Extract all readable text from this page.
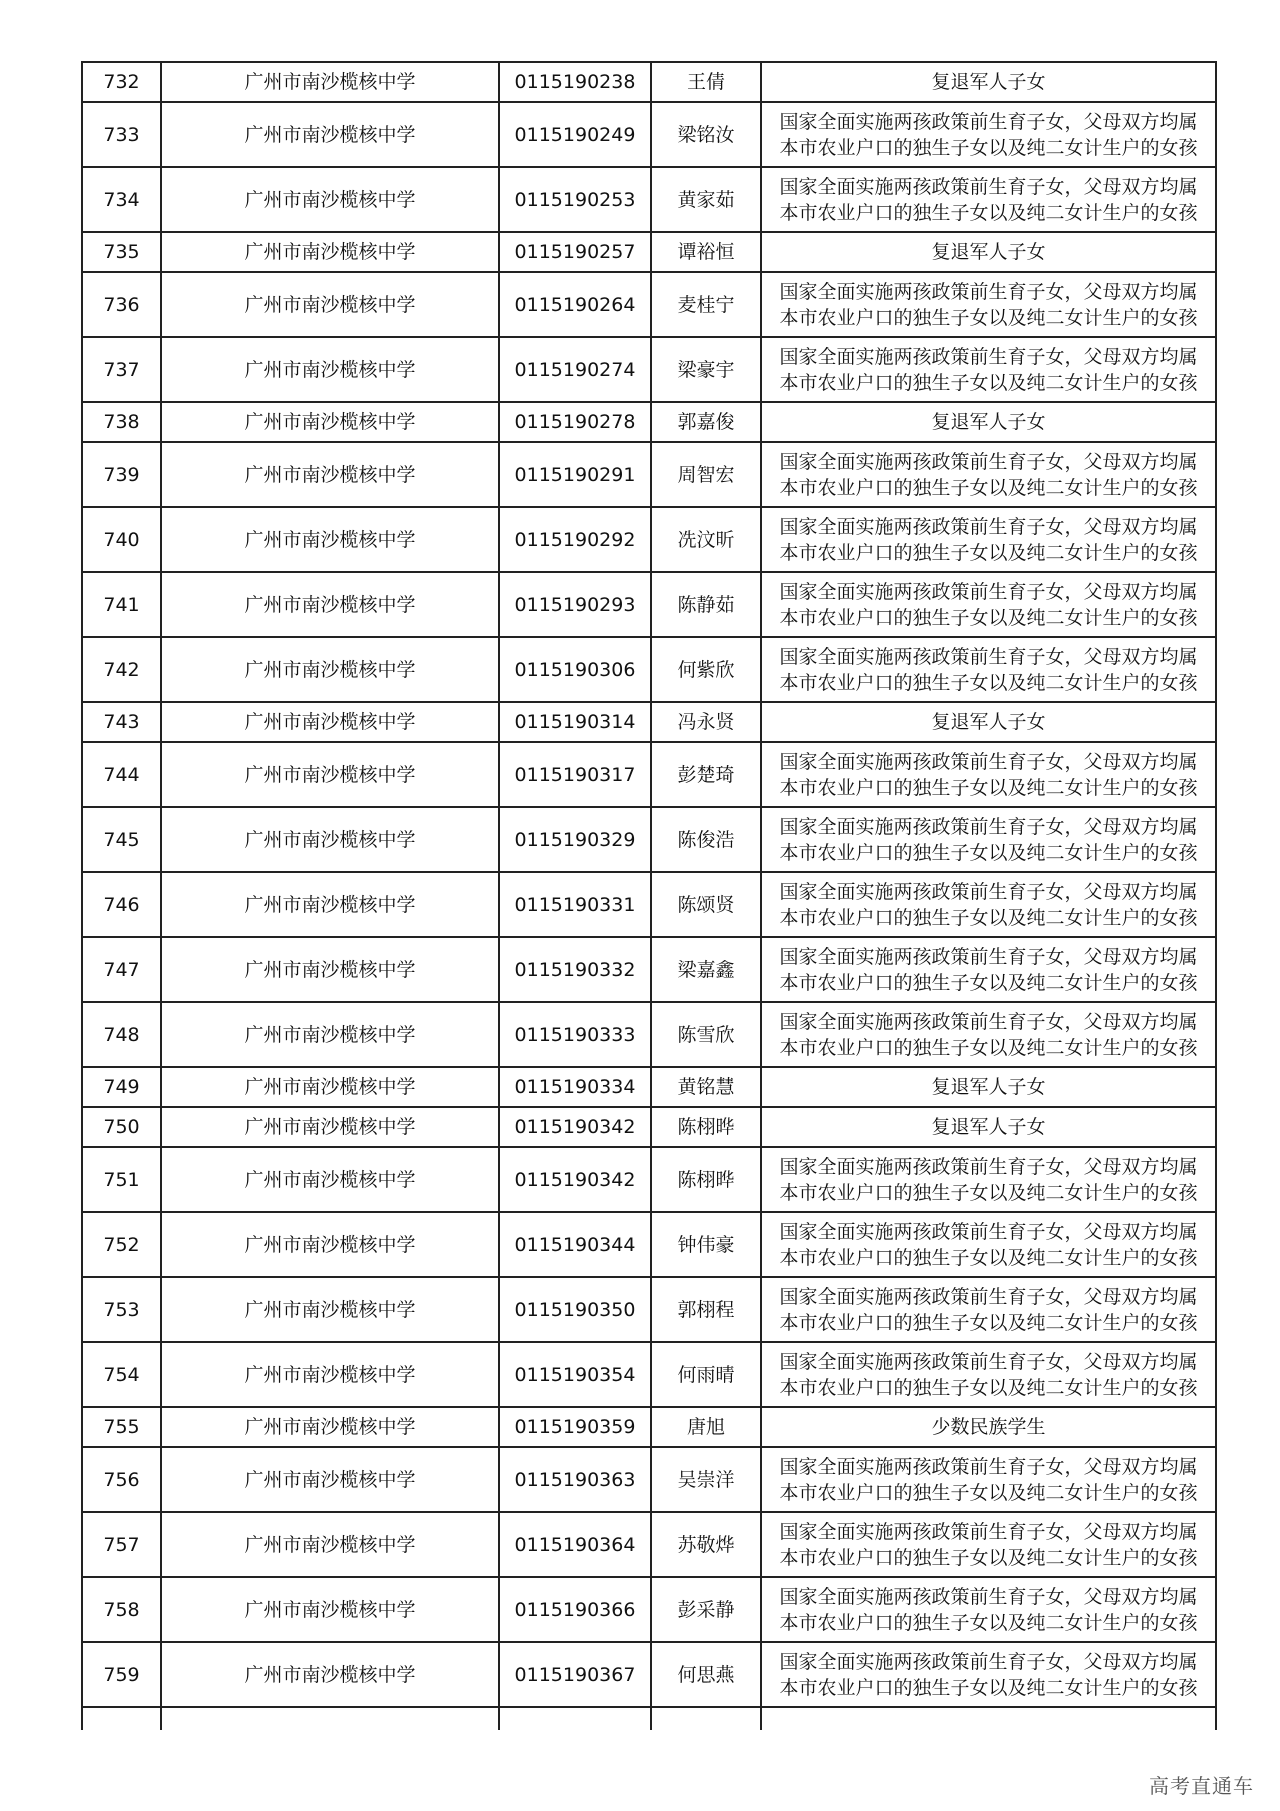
732	广州市南沙榄核中学	0115190238	王倩	复退军人子女

733	广州市南沙榄核中学	0115190249	梁铭汝	国家全面实施两孩政策前生育子女，父母双方均属
本市农业户口的独生子女以及纯二女计生户的女孩

734	广州市南沙榄核中学	0115190253	黄家茹	国家全面实施两孩政策前生育子女，父母双方均属
本市农业户口的独生子女以及纯二女计生户的女孩

735	广州市南沙榄核中学	0115190257	谭裕恒	复退军人子女

736	广州市南沙榄核中学	0115190264	麦桂宁	国家全面实施两孩政策前生育子女，父母双方均属
本市农业户口的独生子女以及纯二女计生户的女孩

737	广州市南沙榄核中学	0115190274	梁豪宇	国家全面实施两孩政策前生育子女，父母双方均属
本市农业户口的独生子女以及纯二女计生户的女孩

738	广州市南沙榄核中学	0115190278	郭嘉俊	复退军人子女

739	广州市南沙榄核中学	0115190291	周智宏	国家全面实施两孩政策前生育子女，父母双方均属
本市农业户口的独生子女以及纯二女计生户的女孩

740	广州市南沙榄核中学	0115190292	冼汶昕	国家全面实施两孩政策前生育子女，父母双方均属
本市农业户口的独生子女以及纯二女计生户的女孩

741	广州市南沙榄核中学	0115190293	陈静茹	国家全面实施两孩政策前生育子女，父母双方均属
本市农业户口的独生子女以及纯二女计生户的女孩

742	广州市南沙榄核中学	0115190306	何紫欣	国家全面实施两孩政策前生育子女，父母双方均属
本市农业户口的独生子女以及纯二女计生户的女孩

743	广州市南沙榄核中学	0115190314	冯永贤	复退军人子女

744	广州市南沙榄核中学	0115190317	彭楚琦	国家全面实施两孩政策前生育子女，父母双方均属
本市农业户口的独生子女以及纯二女计生户的女孩

745	广州市南沙榄核中学	0115190329	陈俊浩	国家全面实施两孩政策前生育子女，父母双方均属
本市农业户口的独生子女以及纯二女计生户的女孩

746	广州市南沙榄核中学	0115190331	陈颂贤	国家全面实施两孩政策前生育子女，父母双方均属
本市农业户口的独生子女以及纯二女计生户的女孩

747	广州市南沙榄核中学	0115190332	梁嘉鑫	国家全面实施两孩政策前生育子女，父母双方均属
本市农业户口的独生子女以及纯二女计生户的女孩

748	广州市南沙榄核中学	0115190333	陈雪欣	国家全面实施两孩政策前生育子女，父母双方均属
本市农业户口的独生子女以及纯二女计生户的女孩

749	广州市南沙榄核中学	0115190334	黄铭慧	复退军人子女

750	广州市南沙榄核中学	0115190342	陈栩晔	复退军人子女

751	广州市南沙榄核中学	0115190342	陈栩晔	国家全面实施两孩政策前生育子女，父母双方均属
本市农业户口的独生子女以及纯二女计生户的女孩

752	广州市南沙榄核中学	0115190344	钟伟豪	国家全面实施两孩政策前生育子女，父母双方均属
本市农业户口的独生子女以及纯二女计生户的女孩

753	广州市南沙榄核中学	0115190350	郭栩程	国家全面实施两孩政策前生育子女，父母双方均属
本市农业户口的独生子女以及纯二女计生户的女孩

754	广州市南沙榄核中学	0115190354	何雨晴	国家全面实施两孩政策前生育子女，父母双方均属
本市农业户口的独生子女以及纯二女计生户的女孩

755	广州市南沙榄核中学	0115190359	唐旭	少数民族学生

756	广州市南沙榄核中学	0115190363	吴崇洋	国家全面实施两孩政策前生育子女，父母双方均属
本市农业户口的独生子女以及纯二女计生户的女孩

757	广州市南沙榄核中学	0115190364	苏敬烨	国家全面实施两孩政策前生育子女，父母双方均属
本市农业户口的独生子女以及纯二女计生户的女孩

758	广州市南沙榄核中学	0115190366	彭采静	国家全面实施两孩政策前生育子女，父母双方均属
本市农业户口的独生子女以及纯二女计生户的女孩

759	广州市南沙榄核中学	0115190367	何思燕	国家全面实施两孩政策前生育子女，父母双方均属
本市农业户口的独生子女以及纯二女计生户的女孩

高考直通车
